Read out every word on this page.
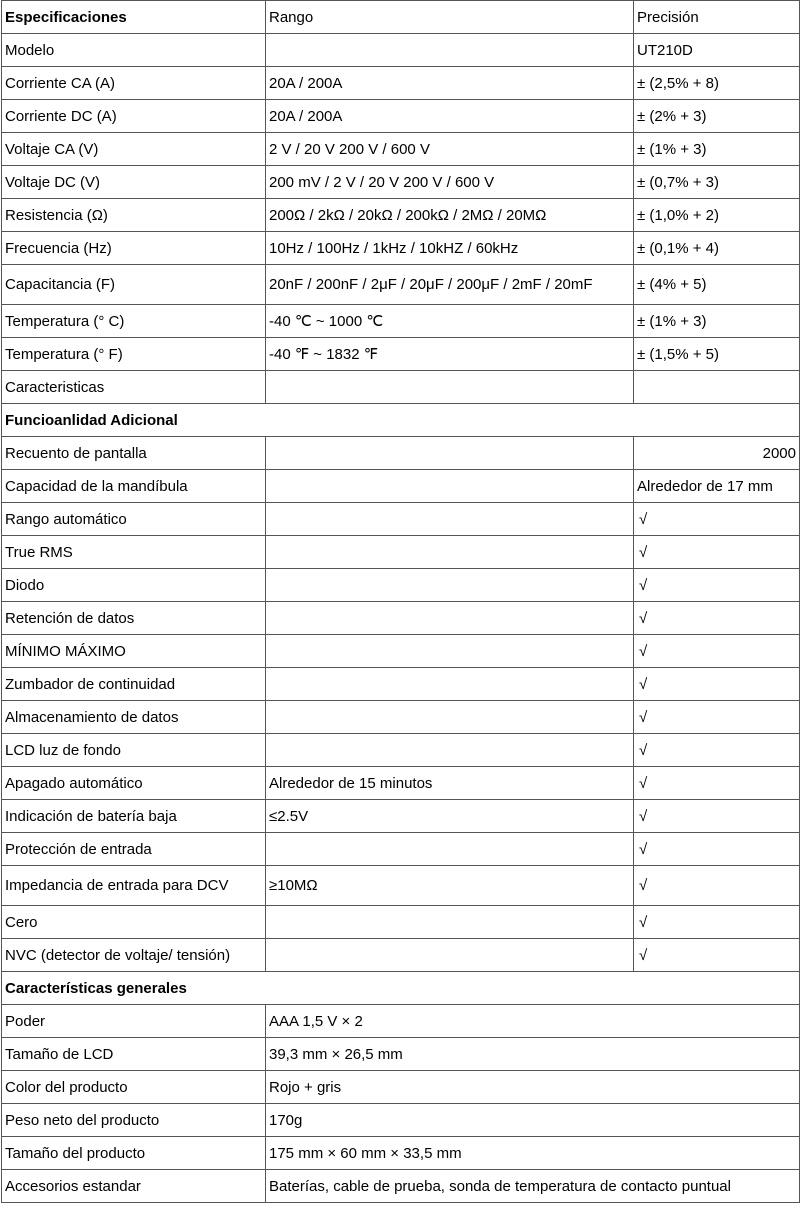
Especificaciones	Rango	Precisión
Modelo		UT210D
Corriente CA (A)	20A / 200A	± (2,5% + 8)
Corriente DC (A)	20A / 200A	± (2% + 3)
Voltaje CA (V)	2 V / 20 V 200 V / 600 V	± (1% + 3)
Voltaje DC (V)	200 mV / 2 V / 20 V 200 V / 600 V	± (0,7% + 3)
Resistencia (Ω)	200Ω / 2kΩ / 20kΩ / 200kΩ / 2MΩ / 20MΩ	± (1,0% + 2)
Frecuencia (Hz)	10Hz / 100Hz / 1kHz / 10kHZ / 60kHz	± (0,1% + 4)
Capacitancia (F)	20nF / 200nF / 2μF / 20μF / 200μF / 2mF / 20mF	± (4% + 5)
Temperatura (° C)	-40 ℃ ~ 1000 ℃	± (1% + 3)
Temperatura (° F)	-40 ℉ ~ 1832 ℉	± (1,5% + 5)
Caracteristicas		
Funcioanlidad Adicional		
Recuento de pantalla		2000
Capacidad de la mandíbula		Alrededor de 17 mm
Rango automático		√
True RMS		√
Diodo		√
Retención de datos		√
MÍNIMO MÁXIMO		√
Zumbador de continuidad		√
Almacenamiento de datos		√
LCD luz de fondo		√
Apagado automático	Alrededor de 15 minutos	√
Indicación de batería baja	≤2.5V	√
Protección de entrada		√
Impedancia de entrada para DCV	≥10MΩ	√
Cero		√
NVC (detector de voltaje/ tensión)		√
Características generales		
Poder	AAA 1,5 V × 2	
Tamaño de LCD	39,3 mm × 26,5 mm	
Color del producto	Rojo + gris	
Peso neto del producto	170g	
Tamaño del producto	175 mm × 60 mm × 33,5 mm	
Accesorios estandar	Baterías, cable de prueba, sonda de temperatura de contacto puntual	
